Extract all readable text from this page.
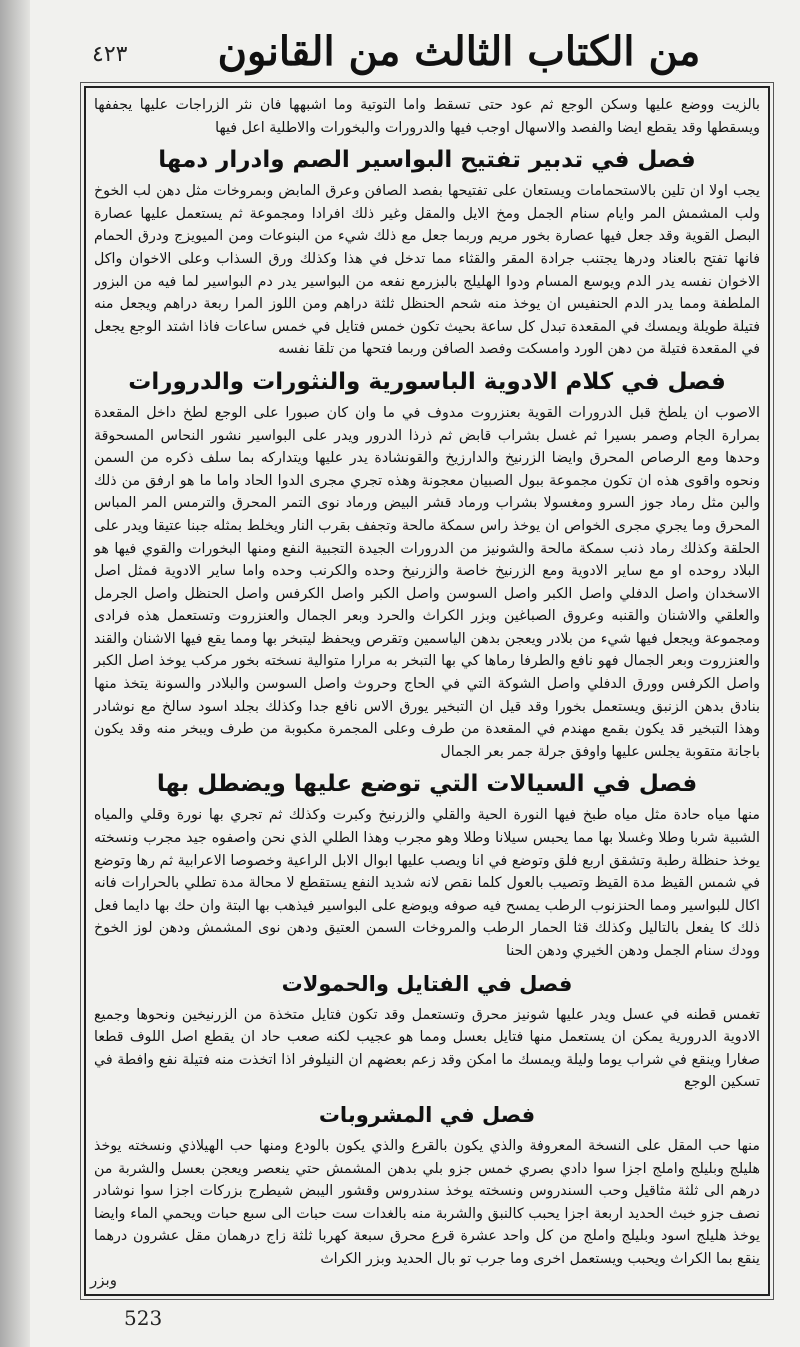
٤٢٣	من الكتاب الثالث من القانون

بالزيت ووضع عليها وسكن الوجع ثم عود حتى تسقط واما التوتية وما اشبهها فان نثر الزراجات عليها يجففها ويسقطها وقد يقطع ايضا والفصد والاسهال اوجب فيها والدرورات والبخورات والاطلية اعل فيها

فصل في تدبير تفتيح البواسير الصم وادرار دمها

يجب اولا ان تلين بالاستحمامات ويستعان على تفتيحها بفصد الصافن وعرق المابض وبمروخات مثل دهن لب الخوخ ولب المشمش المر وايام سنام الجمل ومخ الايل والمقل وغير ذلك افرادا ومجموعة ثم يستعمل عليها عصارة البصل القوية وقد جعل فيها عصارة بخور مريم وربما جعل مع ذلك شيء من البنوعات ومن الميويزج ودرق الحمام فانها تفتح بالعناد ودرها يجتنب جرادة المقر والقثاء مما تدخل في هذا وكذلك ورق السذاب وعلى الاخوان واكل الاخوان نفسه يدر الدم ويوسع المسام ودوا الهليلج بالبزرمع نفعه من البواسير يدر دم البواسير لما فيه من البزور الملطفة ومما يدر الدم الحنفيس ان يوخذ منه شحم الحنظل ثلثة دراهم ومن اللوز المرا ربعة دراهم ويجعل منه فتيلة طويلة ويمسك في المقعدة تبدل كل ساعة بحيث تكون خمس فتايل في خمس ساعات فاذا اشتد الوجع يجعل في المقعدة فتيلة من دهن الورد وامسكت وفصد الصافن وربما فتحها من تلقا نفسه

فصل في كلام الادوية الباسورية والنثورات والدرورات

الاصوب ان يلطخ قبل الدرورات القوية بعنزروت مدوف في ما وان كان صبورا على الوجع لطخ داخل المقعدة بمرارة الجام وصمر بسيرا ثم غسل بشراب قابض ثم ذرذا الدرور ويدر على البواسير نشور النحاس المسحوقة وحدها ومع الرصاص المحرق وايضا الزرنيخ والدارزيخ والقونشادة يدر عليها ويتداركه بما سلف ذكره من السمن ونحوه واقوى هذه ان تكون مجموعة ببول الصبيان معجونة وهذه تجري مجرى الدوا الحاد واما ما هو ارفق من ذلك والبن مثل رماد جوز السرو ومغسولا بشراب ورماد قشر البيض ورماد نوى التمر المحرق والترمس المر المباس المحرق وما يجري مجرى الخواص ان يوخذ راس سمكة مالحة وتجفف بقرب النار ويخلط بمثله جبنا عتيقا ويدر على الحلقة وكذلك رماد ذنب سمكة مالحة والشونيز من الدرورات الجيدة التجبية النفع ومنها البخورات والقوي فيها هو البلاد روحده او مع ساير الادوية ومع الزرنيخ خاصة والزرنيخ وحده والكرنب وحده واما ساير الادوية فمثل اصل الاسخدان واصل الدفلي واصل الكبر واصل السوسن واصل الكبر واصل الكرفس واصل الحنظل واصل الجرمل والعلقي والاشنان والقنبه وعروق الصباغين وبزر الكراث والحرد وبعر الجمال والعنزروت وتستعمل هذه فرادى ومجموعة ويجعل فيها شيء من بلادر ويعجن بدهن الياسمين وتقرص ويحفظ ليتبخر بها ومما يقع فيها الاشنان والقند والعنزروت وبعر الجمال فهو نافع والطرفا رماها كي بها التبخر به مرارا متوالية نسخته بخور مركب يوخذ اصل الكبر واصل الكرفس وورق الدفلي واصل الشوكة التي في الحاج وحروث واصل السوسن والبلادر والسونة يتخذ منها بنادق بدهن الزنبق ويستعمل بخورا وقد قيل ان التبخير يورق الاس نافع جدا وكذلك بجلد اسود سالخ مع نوشادر وهذا التبخير قد يكون بقمع مهندم في المقعدة من طرف وعلى المجمرة مكبوبة من طرف ويبخر منه وقد يكون باجانة متقوبة يجلس عليها واوفق جرلة جمر بعر الجمال

فصل في السيالات التي توضع عليها ويضطل بها

منها مياه حادة مثل مياه طبخ فيها النورة الحية والقلي والزرنيخ وكبرت وكذلك ثم تجري بها نورة وقلي والمياه الشبية شربا وطلا وغسلا بها مما يحبس سيلانا وطلا وهو مجرب وهذا الطلي الذي نحن واصفوه جيد مجرب ونسخته يوخذ حنظلة رطبة وتشقق اربع فلق وتوضع في انا ويصب عليها ابوال الابل الراعية وخصوصا الاعرابية ثم رها وتوضع في شمس القيظ مدة القيظ وتصيب بالعول كلما نقص لانه شديد النفع يستقطع لا محالة مدة تطلي بالحرارات فانه اكال للبواسير ومما الحنزنوب الرطب يمسح فيه صوفه ويوضع على البواسير فيذهب بها البتة وان حك بها دايما فعل ذلك كا يفعل بالتاليل وكذلك قثا الحمار الرطب والمروخات السمن العتيق ودهن نوى المشمش ودهن لوز الخوخ وودك سنام الجمل ودهن الخيري ودهن الحنا

فصل في الفتايل والحمولات

تغمس قطنه في عسل ويدر عليها شونيز محرق وتستعمل وقد تكون فتايل متخذة من الزرنيخين ونحوها وجميع الادوية الدرورية يمكن ان يستعمل منها فتايل بعسل ومما هو عجيب لكنه صعب حاد ان يقطع اصل اللوف قطعا صغارا وينقع في شراب يوما وليلة ويمسك ما امكن وقد زعم بعضهم ان النيلوفر اذا اتخذت منه فتيلة نفع وافطة في تسكين الوجع

فصل في المشروبات

منها حب المقل على النسخة المعروفة والذي يكون بالقرع والذي يكون بالودع ومنها حب الهيلاذي ونسخته يوخذ هليلج وبليلج واملج اجزا سوا دادي بصري خمس جزو بلي بدهن المشمش حتي ينعصر ويعجن بعسل والشربة من درهم الى ثلثة مثاقيل وحب السندروس ونسخته يوخذ سندروس وقشور اليبض شيطرج بزركات اجزا سوا نوشادر نصف جزو خبث الحديد اربعة اجزا يحبب كالنبق والشربة منه بالغدات ست حبات الى سبع حبات ويحمي الماء وايضا يوخذ هليلج اسود وبليلج واملج من كل واحد عشرة قرع محرق سبعة كهربا ثلثة زاج درهمان مقل عشرون درهما ينقع بما الكراث ويحبب ويستعمل اخرى وما جرب تو بال الحديد وبزر الكراث

وبزر
523
